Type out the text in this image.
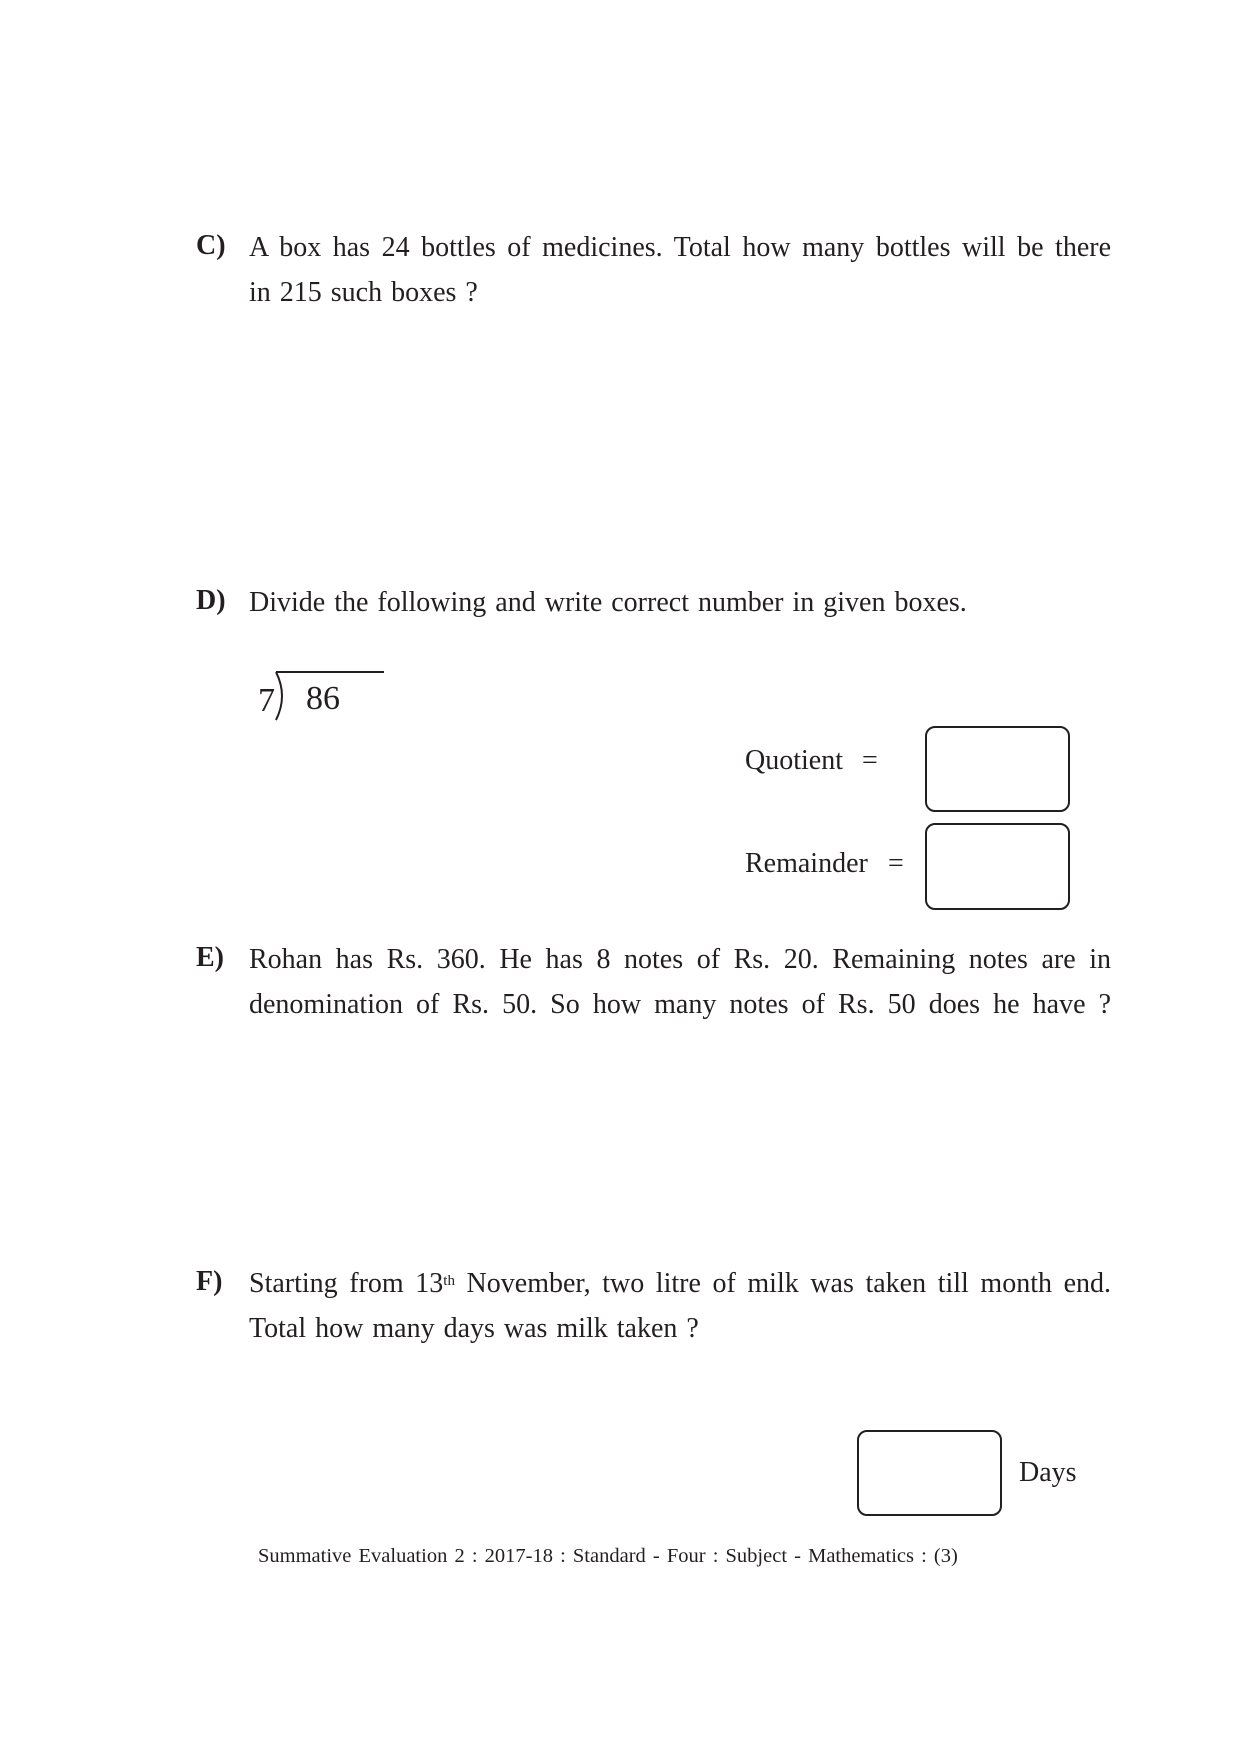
C) A box has 24 bottles of medicines. Total how many bottles will be there
in 215 such boxes ?
D) Divide the following and write correct number in given boxes.
7 86
Quotient =
Remainder =
E) Rohan has Rs. 360. He has 8 notes of Rs. 20. Remaining notes are in
denomination of Rs. 50. So how many notes of Rs. 50 does he have ?
F) Starting from 13th November, two litre of milk was taken till month end.
Total how many days was milk taken ?
Days
Summative Evaluation 2 : 2017-18 : Standard - Four : Subject - Mathematics : (3)
